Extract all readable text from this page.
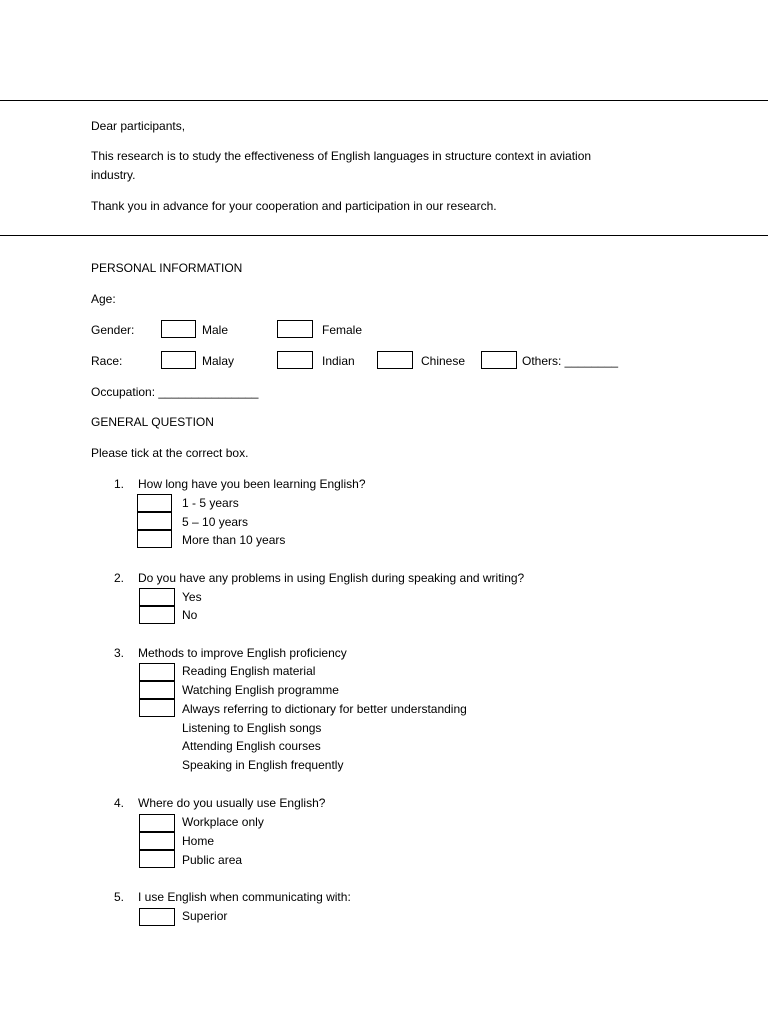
Dear participants,
This research is to study the effectiveness of English languages in structure context in aviation
industry.
Thank you in advance for your cooperation and participation in our research.
PERSONAL INFORMATION
Age:
Gender:	Male	Female
Race:	Malay	Indian	Chinese	Others: ________
Occupation: _______________
GENERAL QUESTION
Please tick at the correct box.
1. How long have you been learning English?
1 - 5 years
5 – 10 years
More than 10 years
2. Do you have any problems in using English during speaking and writing?
Yes
No
3. Methods to improve English proficiency
Reading English material
Watching English programme
Always referring to dictionary for better understanding
Listening to English songs
Attending English courses
Speaking in English frequently
4. Where do you usually use English?
Workplace only
Home
Public area
5. I use English when communicating with:
Superior
